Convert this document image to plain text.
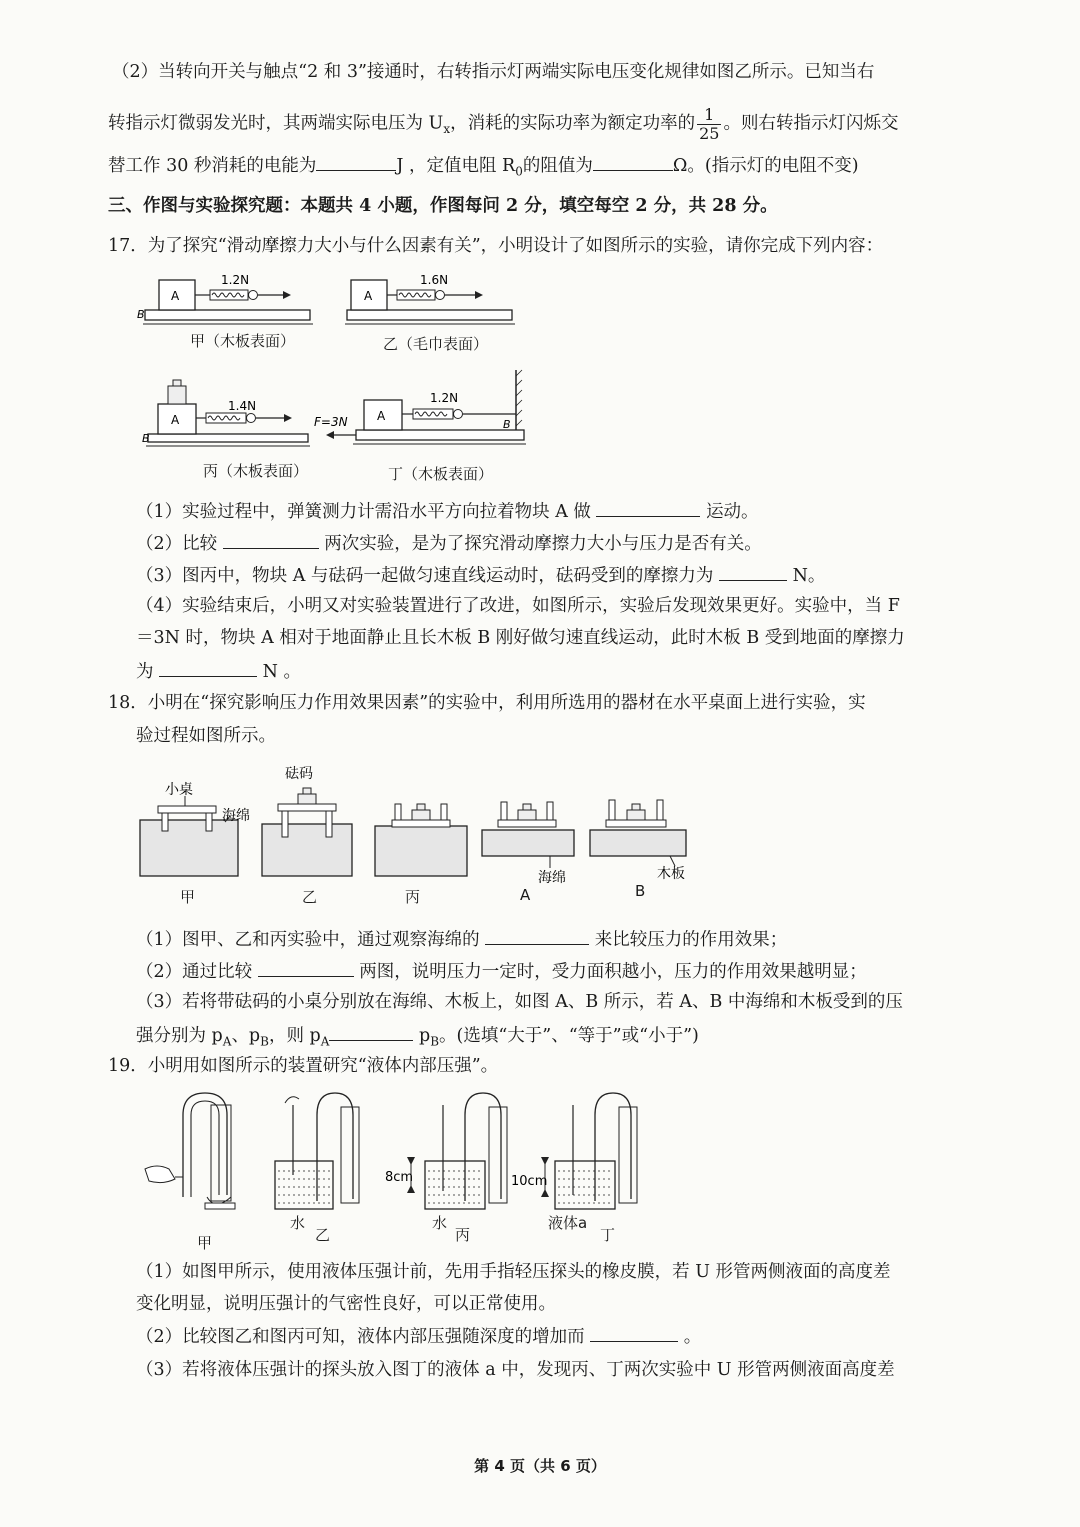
（2）当转向开关与触点“2 和 3”接通时，右转指示灯两端实际电压变化规律如图乙所示。已知当右
转指示灯微弱发光时，其两端实际电压为 $U_x$，消耗的实际功率为额定功率的 $\frac{1}{25}$ 。则右转指示灯闪烁交
替工作 30 秒消耗的电能为	J ，定值电阻 $R_0$的阻值为	Ω。(指示灯的电阻不变)
三、作图与实验探究题：本题共 4 小题，作图每问 2 分，填空每空 2 分，共 28 分。
17．为了探究“滑动摩擦力大小与什么因素有关”，小明设计了如图所示的实验，请你完成下列内容：
A
B
1.2N
A
1.6N
甲（木板表面）	乙（毛巾表面）
A
B
1.4N
A
B
1.2N
F=3N
丙（木板表面）	丁（木板表面）
（1）实验过程中，弹簧测力计需沿水平方向拉着物块 A 做	运动。
（2）比较	两次实验，是为了探究滑动摩擦力大小与压力是否有关。
（3）图丙中，物块 A 与砝码一起做匀速直线运动时，砝码受到的摩擦力为	N。
（4）实验结束后，小明又对实验装置进行了改进，如图所示，实验后发现效果更好。实验中，当 F
＝3N 时，物块 A 相对于地面静止且长木板 B 刚好做匀速直线运动，此时木板 B 受到地面的摩擦力
为	N 。
18．小明在“探究影响压力作用效果因素”的实验中，利用所选用的器材在水平桌面上进行实验，实
验过程如图所示。
小桌
海绵
砝码
海绵	木板
甲	乙	丙	A	B
（1）图甲、乙和丙实验中，通过观察海绵的	来比较压力的作用效果；
（2）通过比较	两图，说明压力一定时，受力面积越小，压力的作用效果越明显；
（3）若将带砝码的小桌分别放在海绵、木板上，如图 A、B 所示，若 A、B 中海绵和木板受到的压
强分别为 $p_A$、$p_B$，则 $p_A$	$p_B$。(选填“大于”、“等于”或“小于”)
19．小明用如图所示的装置研究“液体内部压强”。
8cm	10cm
水	水	液体a
甲	乙	丙	丁
（1）如图甲所示，使用液体压强计前，先用手指轻压探头的橡皮膜，若 U 形管两侧液面的高度差
变化明显，说明压强计的气密性良好，可以正常使用。
（2）比较图乙和图丙可知，液体内部压强随深度的增加而	。
（3）若将液体压强计的探头放入图丁的液体 a 中，发现丙、丁两次实验中 U 形管两侧液面高度差
第 4 页（共 6 页）
